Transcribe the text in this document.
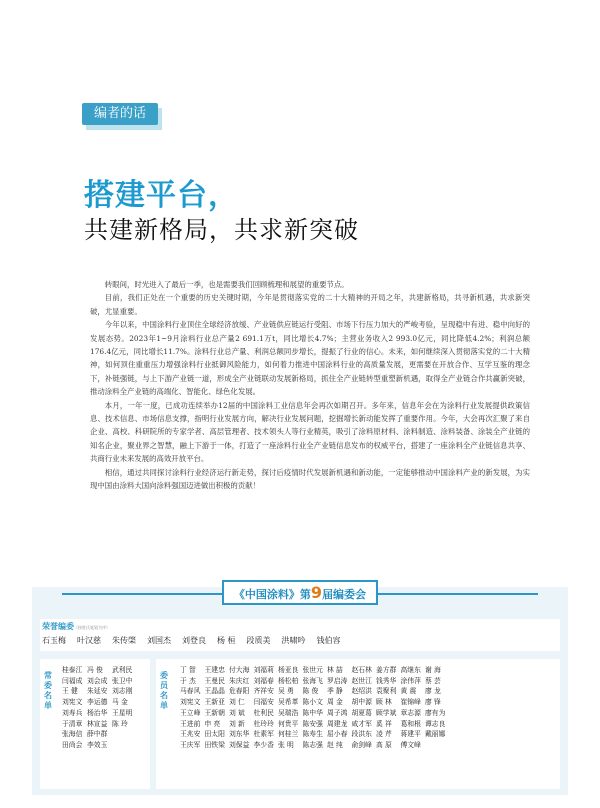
编者的话
搭建平台，
共建新格局，共求新突破

转眼间，时光进入了最后一季，也是需要我们回顾梳理和展望的重要节点。

目前，我们正处在一个重要的历史关键时期，今年是贯彻落实党的二十大精神的开局之年，共建新格局，共寻新机遇，共求新突破，尤显重要。

今年以来，中国涂料行业顶住全球经济放缓、产业链供应链运行受阻、市场下行压力加大的严峻考验，呈现稳中有进、稳中向好的发展态势。2023年1~9月涂料行业总产量2 691.1万t，同比增长4.7%；主营业务收入2 993.0亿元，同比降低4.2%；利润总额176.4亿元，同比增长11.7%。涂料行业总产量、利润总额同步增长，提振了行业的信心。未来，如何继续深入贯彻落实党的二十大精神，如何顶住重重压力增强涂料行业抵御风险能力，如何着力推进中国涂料行业的高质量发展，更需要在开放合作、互学互鉴的理念下，补链强链，与上下游产业链一道，形成全产业链联动发展新格局，抓住全产业链转型重塑新机遇，取得全产业链合作共赢新突破，推动涂料全产业链的高端化、智能化、绿色化发展。

本月，一年一度，已成功连续举办12届的中国涂料工业信息年会再次如期召开。多年来，信息年会在为涂料行业发展提供政策信息、技术信息、市场信息支撑，指明行业发展方向，解决行业发展问题，挖掘增长新动能发挥了重要作用。今年，大会再次汇聚了来自企业、高校、科研院所的专家学者、高层管理者、技术领头人等行业精英，吸引了涂料原材料、涂料制造、涂料装备、涂装全产业链的知名企业，聚业界之智慧，融上下游于一体，打造了一座涂料行业全产业链信息发布的权威平台，搭建了一座涂料全产业链信息共享、共商行业未来发展的高效开放平台。

相信，通过共同探讨涂料行业经济运行新走势，探讨后疫情时代发展新机遇和新动能，一定能够推动中国涂料产业的新发展，为实现中国由涂料大国向涂料强国迈进做出积极的贡献！

《中国涂料》第9届编委会
荣誉编委（按姓氏笔划为序）
石玉梅 叶汉慈 朱传棨 刘国杰 刘登良 杨 桓 段质美 洪啸吟 钱伯容
常委名单
桂泰江 冯 俊 武利民
闫福成 刘会成 张卫中
王 健 朱延安 刘志刚
刘宪文 李运德 马 金
刘寿兵 杨治华 王星明
于清章 林宣益 陈 玲
张海信 薛中群
田尚会 李效玉
委员名单
丁 智 王建忠 付大海 刘福莉 杨亚良 张世元 林 喆 赵石林 姜方群 高继东 谢 海
于 杰 王曼民 朱庆红 刘福春 杨松柏 张海飞 罗启涛 赵世江 钱秀华 涂伟萍 蔡 芸
马春风 王晶晶 危春阳 齐祥安 吴 勇 陈 俊 季 静 赵绍洪 袁聚利 黄 震 廖 龙
刘宪文 王新亚 刘 仁 闫福安 吴希革 陈小文 周 金 胡中源 顾 林 崔锦峰 廖 锋
王立峰 王新朝 刘 斌 杜利民 吴瑞浩 陈中华 周子鸿 胡夏葛 顾学斌 章志源 廖有为
王进前 申 亮 刘 新 杜玲玲 何贵平 陈安强 周建龙 咸才军 奚 祥 葛和根 谭志良
王兆安 田太阳 刘东华 杜素军 何桂兰 陈寿生 屈小春 段洪东 凌 芹 蒋建平 戴丽娜
王庆军 田铁梁 刘保益 李少香 张 明 陈志强 赵 纯 俞剑峰 高 原 傅文峰
